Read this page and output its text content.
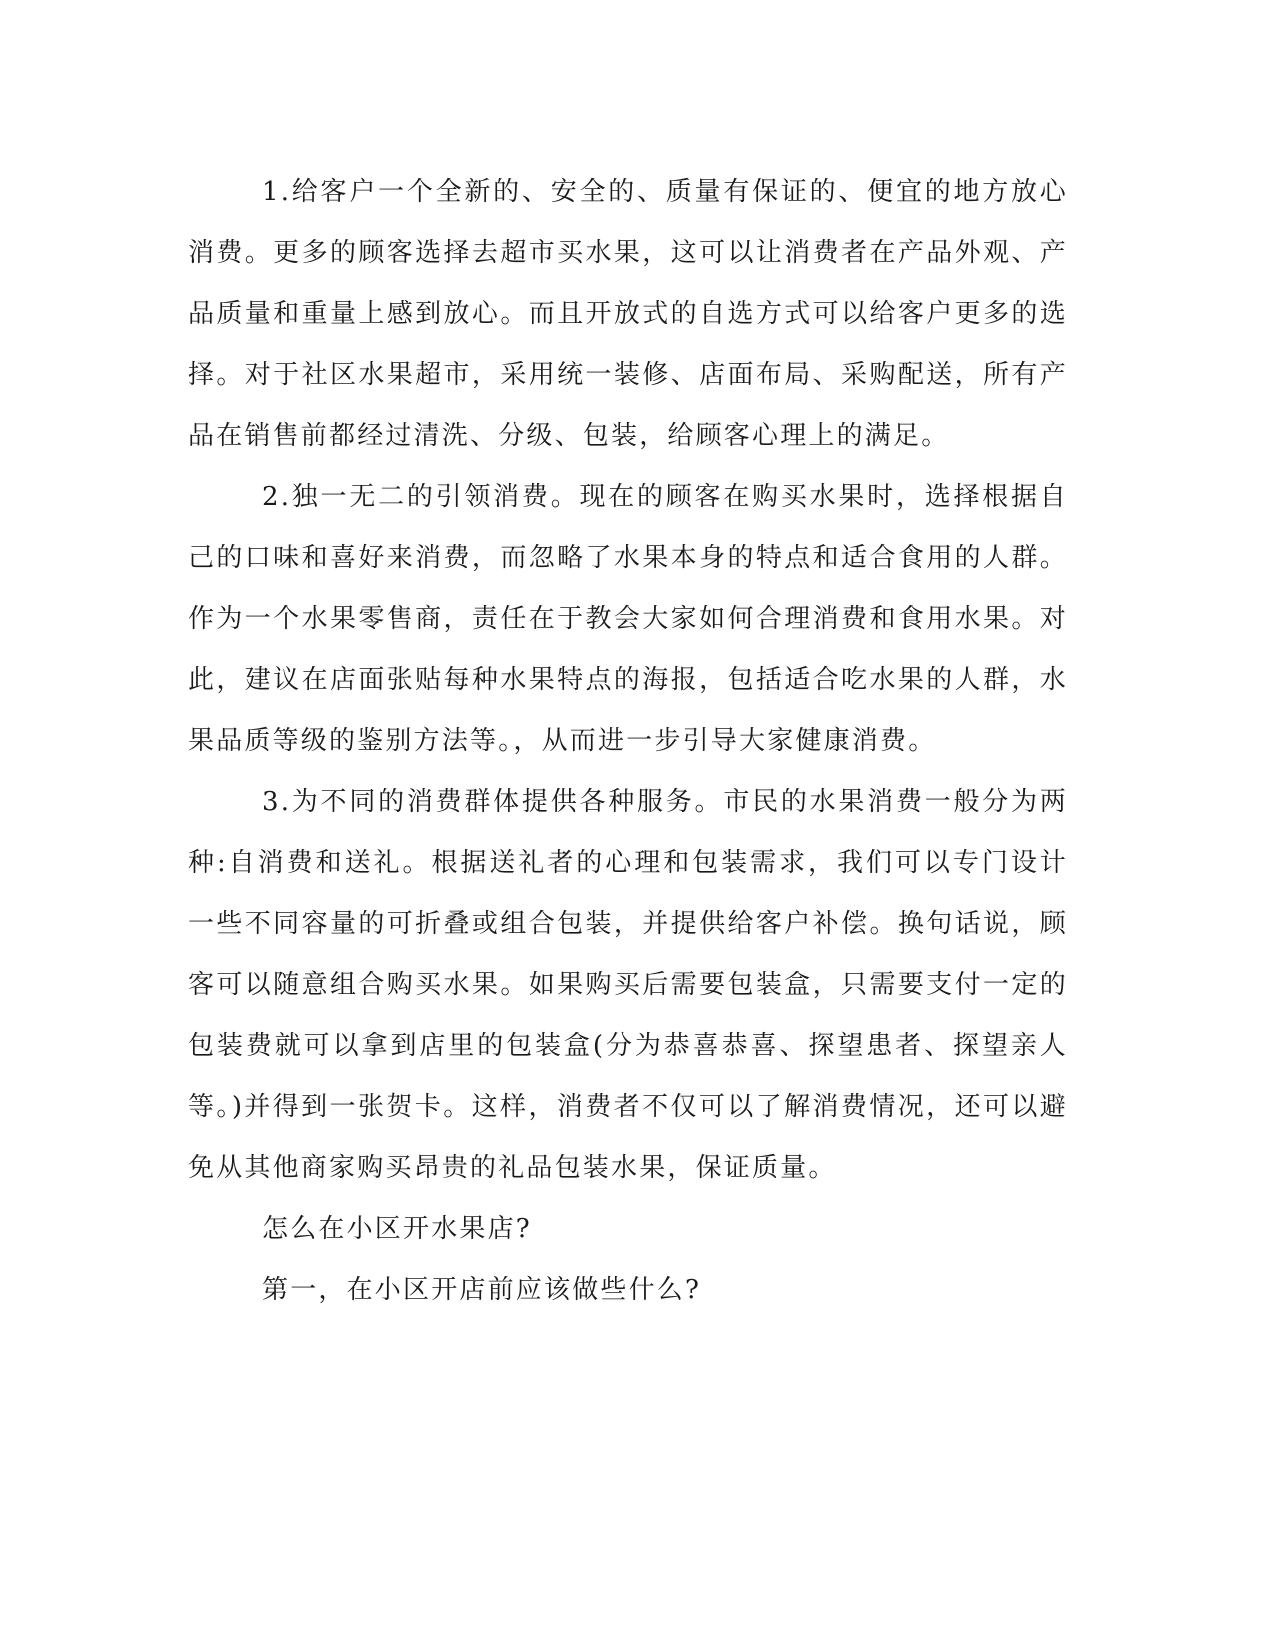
1.给客户一个全新的、安全的、质量有保证的、便宜的地方放心消费。更多的顾客选择去超市买水果，这可以让消费者在产品外观、产品质量和重量上感到放心。而且开放式的自选方式可以给客户更多的选择。对于社区水果超市，采用统一装修、店面布局、采购配送，所有产品在销售前都经过清洗、分级、包装，给顾客心理上的满足。

2.独一无二的引领消费。现在的顾客在购买水果时，选择根据自己的口味和喜好来消费，而忽略了水果本身的特点和适合食用的人群。作为一个水果零售商，责任在于教会大家如何合理消费和食用水果。对此，建议在店面张贴每种水果特点的海报，包括适合吃水果的人群，水果品质等级的鉴别方法等。，从而进一步引导大家健康消费。

3.为不同的消费群体提供各种服务。市民的水果消费一般分为两种:自消费和送礼。根据送礼者的心理和包装需求，我们可以专门设计一些不同容量的可折叠或组合包装，并提供给客户补偿。换句话说，顾客可以随意组合购买水果。如果购买后需要包装盒，只需要支付一定的包装费就可以拿到店里的包装盒(分为恭喜恭喜、探望患者、探望亲人等。)并得到一张贺卡。这样，消费者不仅可以了解消费情况，还可以避免从其他商家购买昂贵的礼品包装水果，保证质量。

怎么在小区开水果店?

第一，在小区开店前应该做些什么?
